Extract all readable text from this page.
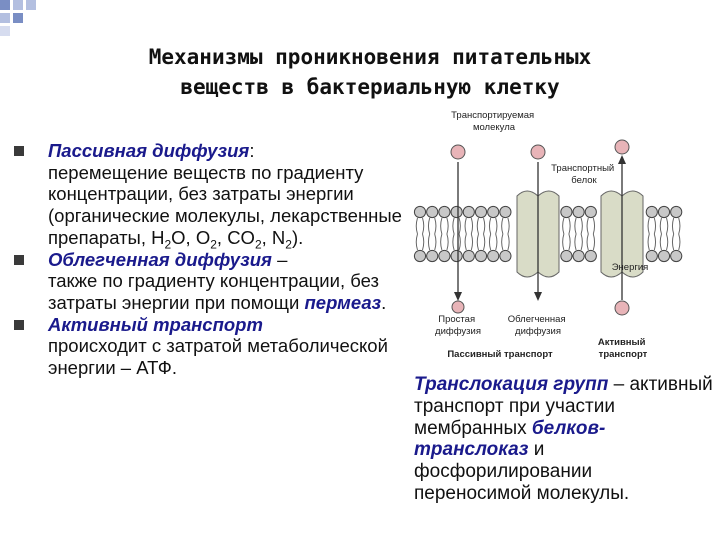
Механизмы проникновения питательных
веществ в бактериальную клетку
Пассивная диффузия:
перемещение веществ по градиенту концентрации, без затраты энергии (органические молекулы, лекарственные препараты, $H_2O$, $O_2$, $CO_2$, $N_2$).
Облегченная диффузия –
также по градиенту концентрации, без затраты энергии при помощи пермеаз.
Активный транспорт
происходит с затратой метаболической энергии – АТФ.
Транспортируемая молекула
Транспортный белок
Энергия
Простая диффузия
Облегченная диффузия
Пассивный транспорт
Активный транспорт
Транслокация групп – активный транспорт при участии мембранных белков-транслоказ и фосфорилировании переносимой молекулы.
